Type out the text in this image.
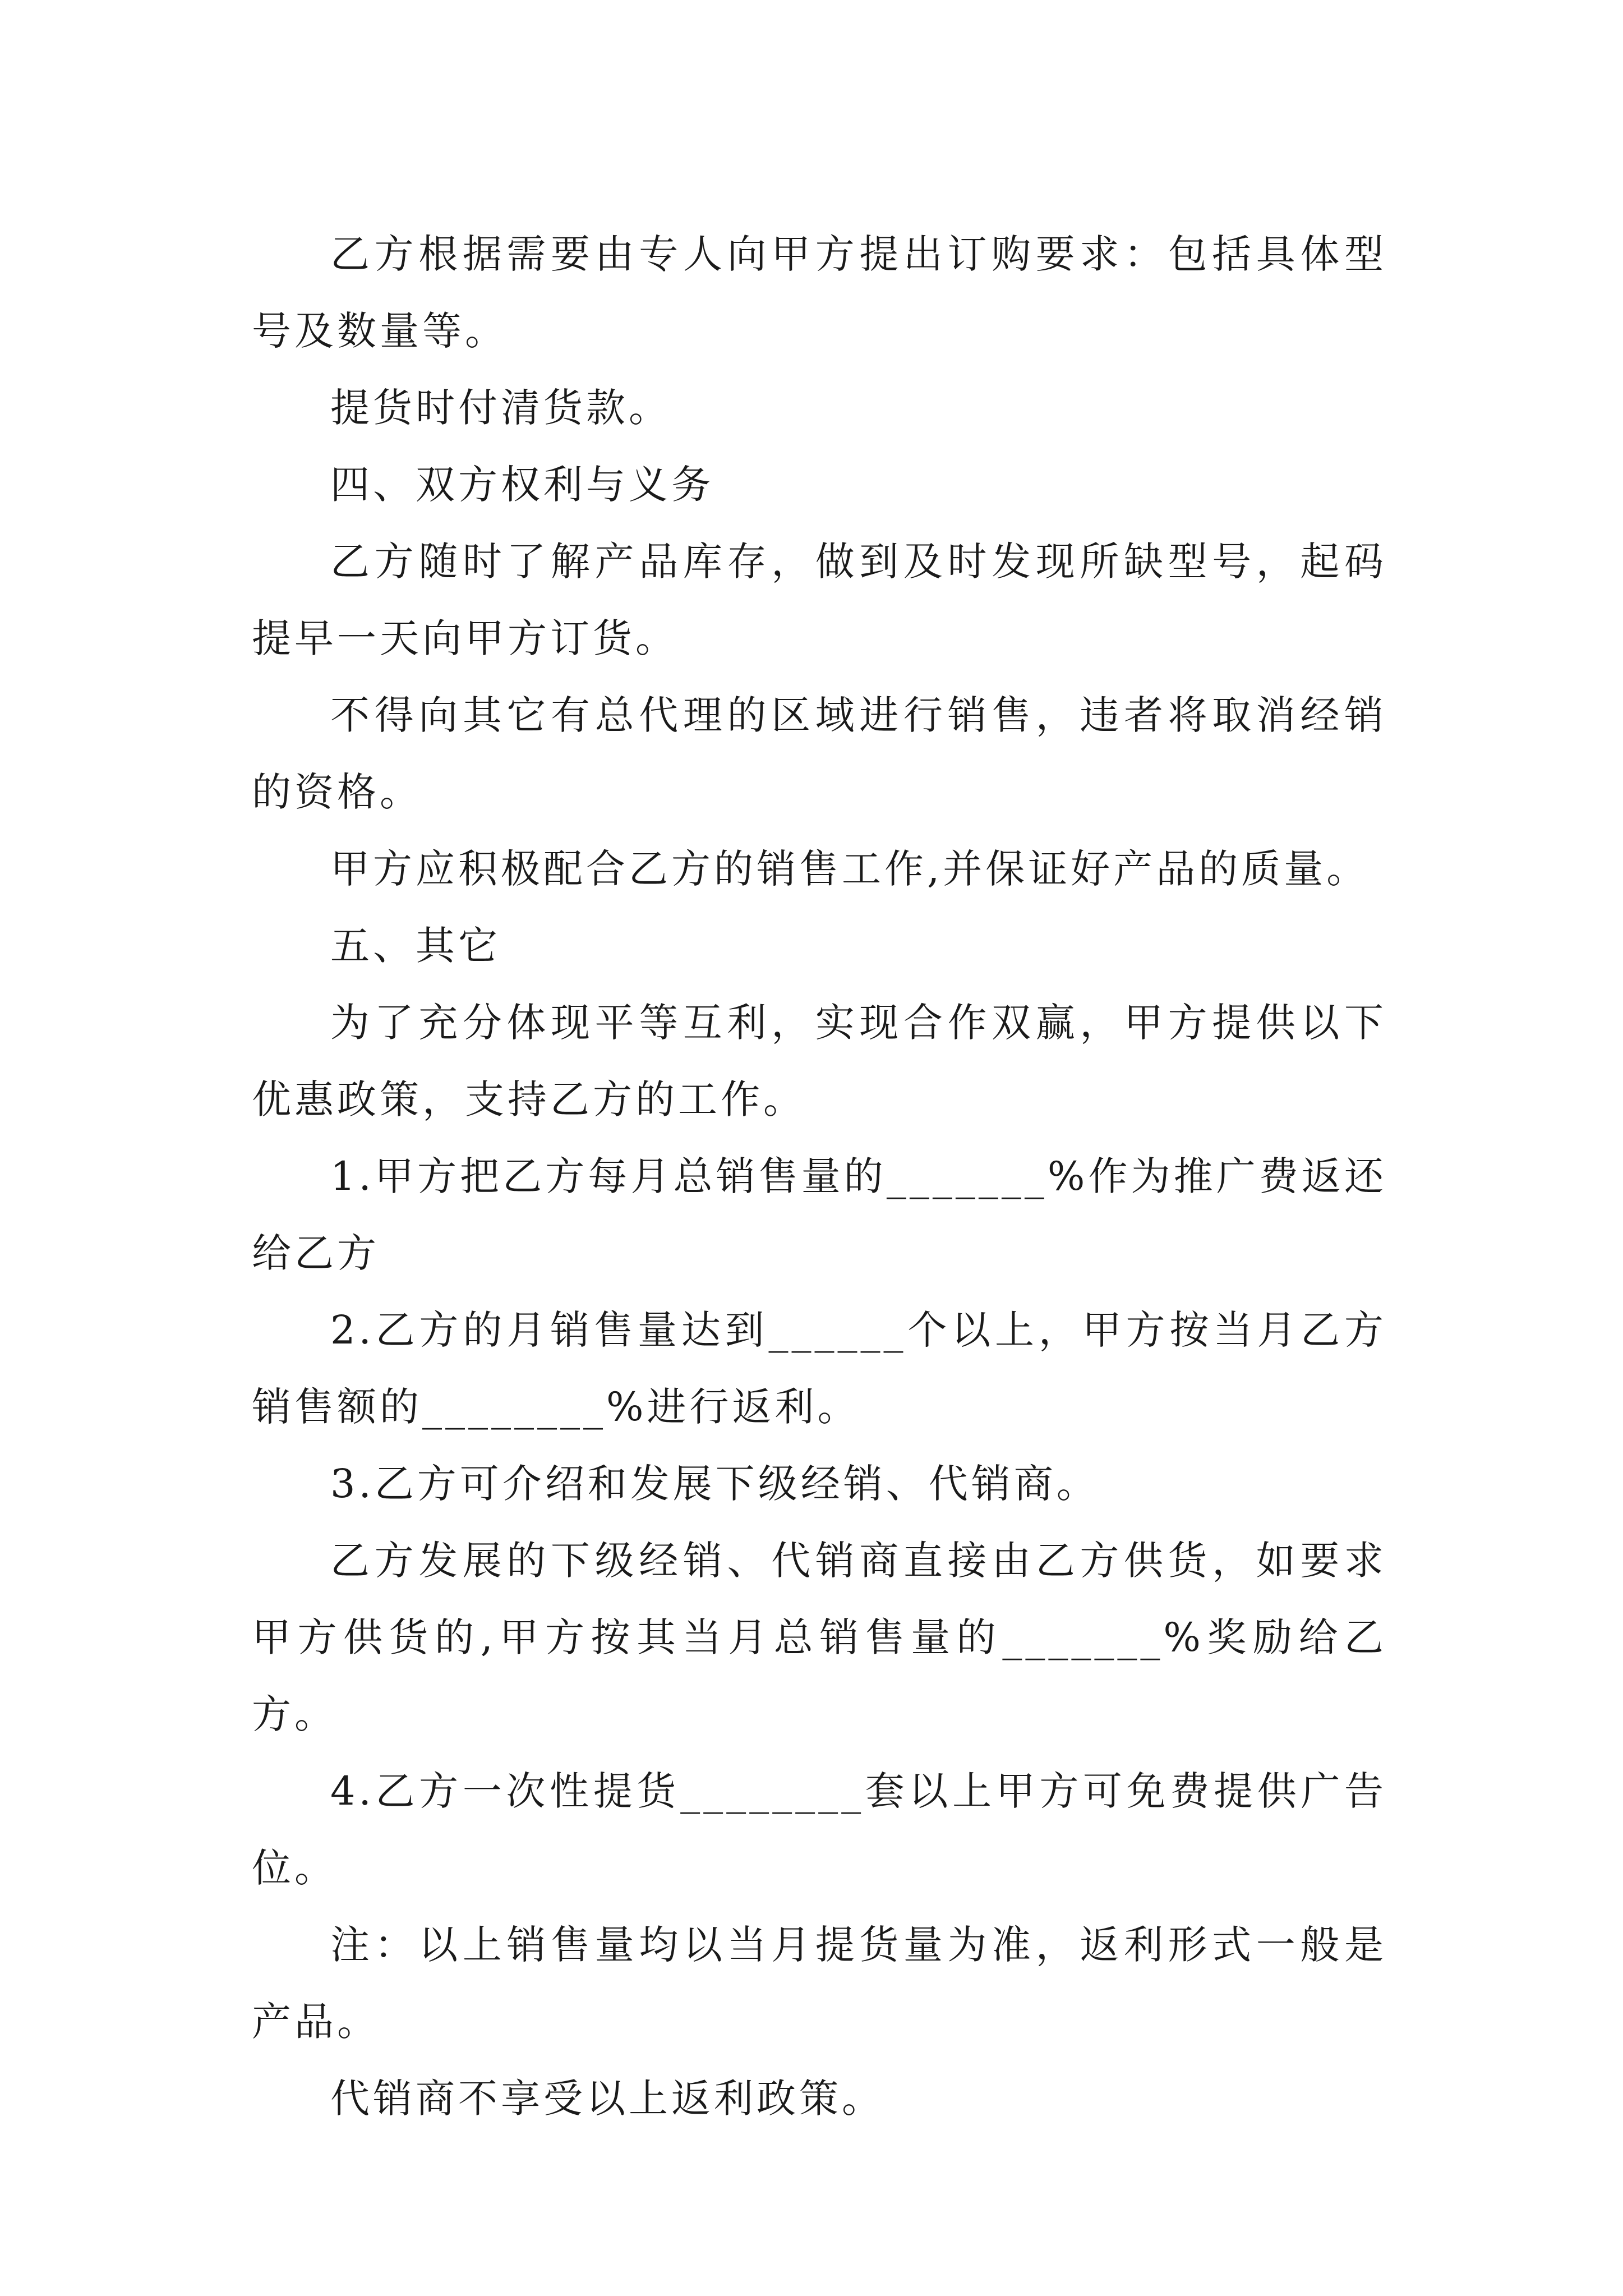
乙方根据需要由专人向甲方提出订购要求：包括具体型号及数量等。

提货时付清货款。

四、双方权利与义务

乙方随时了解产品库存，做到及时发现所缺型号，起码提早一天向甲方订货。

不得向其它有总代理的区域进行销售，违者将取消经销的资格。

甲方应积极配合乙方的销售工作,并保证好产品的质量。

五、其它

为了充分体现平等互利，实现合作双赢，甲方提供以下优惠政策，支持乙方的工作。

1.甲方把乙方每月总销售量的_______%作为推广费返还给乙方

2.乙方的月销售量达到______个以上，甲方按当月乙方销售额的________%进行返利。

3.乙方可介绍和发展下级经销、代销商。

乙方发展的下级经销、代销商直接由乙方供货，如要求甲方供货的,甲方按其当月总销售量的_______%奖励给乙方。

4.乙方一次性提货________套以上甲方可免费提供广告位。

注：以上销售量均以当月提货量为准，返利形式一般是产品。

代销商不享受以上返利政策。
